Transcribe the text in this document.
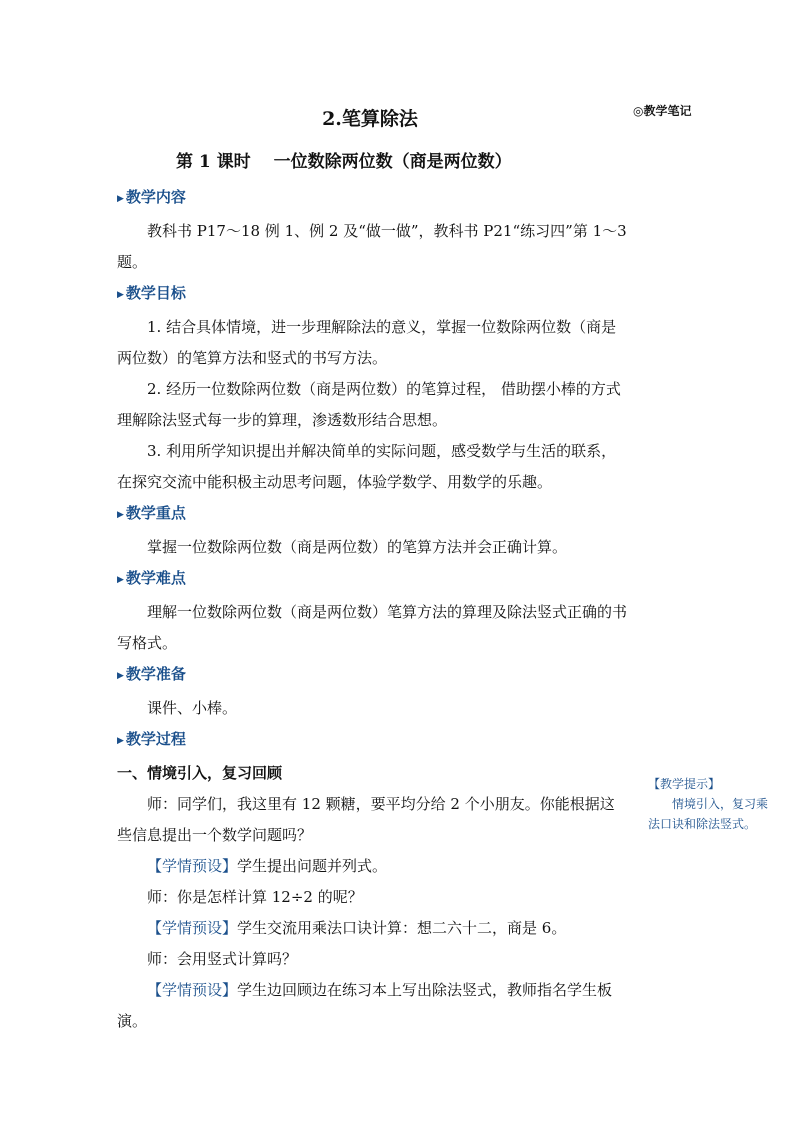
2.笔算除法	◎教学笔记
第 1 课时　 一位数除两位数（商是两位数）
▶ 教学内容

教科书 P17～18 例 1、例 2 及“做一做”，教科书 P21“练习四”第 1～3 题。

▶ 教学目标

1. 结合具体情境，进一步理解除法的意义，掌握一位数除两位数（商是两位数）的笔算方法和竖式的书写方法。

2. 经历一位数除两位数（商是两位数）的笔算过程， 借助摆小棒的方式理解除法竖式每一步的算理，渗透数形结合思想。

3. 利用所学知识提出并解决简单的实际问题，感受数学与生活的联系，在探究交流中能积极主动思考问题，体验学数学、用数学的乐趣。

▶ 教学重点

掌握一位数除两位数（商是两位数）的笔算方法并会正确计算。

▶ 教学难点

理解一位数除两位数（商是两位数）笔算方法的算理及除法竖式正确的书写格式。

▶ 教学准备

课件、小棒。

▶ 教学过程

一、情境引入，复习回顾

师：同学们，我这里有 12 颗糖，要平均分给 2 个小朋友。你能根据这些信息提出一个数学问题吗？

【学情预设】学生提出问题并列式。

师：你是怎样计算 12÷2 的呢？

【学情预设】学生交流用乘法口诀计算：想二六十二，商是 6。

师：会用竖式计算吗？

【学情预设】学生边回顾边在练习本上写出除法竖式，教师指名学生板演。

【教学提示】
情境引入，复习乘法口诀和除法竖式。
